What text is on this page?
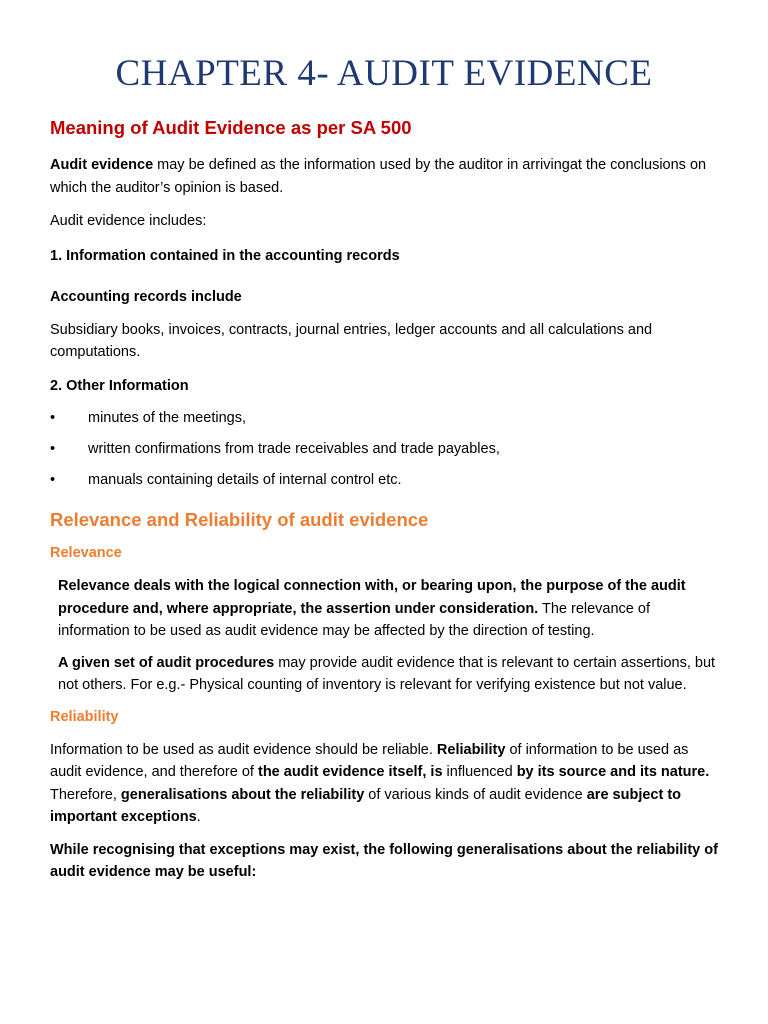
CHAPTER 4- AUDIT EVIDENCE
Meaning of Audit Evidence as per SA 500

Audit evidence may be defined as the information used by the auditor in arrivingat the conclusions on which the auditor’s opinion is based.

Audit evidence includes:

1. Information contained in the accounting records

Accounting records include

Subsidiary books, invoices, contracts, journal entries, ledger accounts and all calculations and computations.

2. Other Information

• minutes of the meetings,
• written confirmations from trade receivables and trade payables,
• manuals containing details of internal control etc.
Relevance and Reliability of audit evidence
Relevance

Relevance deals with the logical connection with, or bearing upon, the purpose of the audit procedure and, where appropriate, the assertion under consideration. The relevance of information to be used as audit evidence may be affected by the direction of testing.

A given set of audit procedures may provide audit evidence that is relevant to certain assertions, but not others. For e.g.- Physical counting of inventory is relevant for verifying existence but not value.

Reliability

Information to be used as audit evidence should be reliable. Reliability of information to be used as audit evidence, and therefore of the audit evidence itself, is influenced by its source and its nature.
Therefore, generalisations about the reliability of various kinds of audit evidence are subject to important exceptions.

While recognising that exceptions may exist, the following generalisations about the reliability of audit evidence may be useful:
